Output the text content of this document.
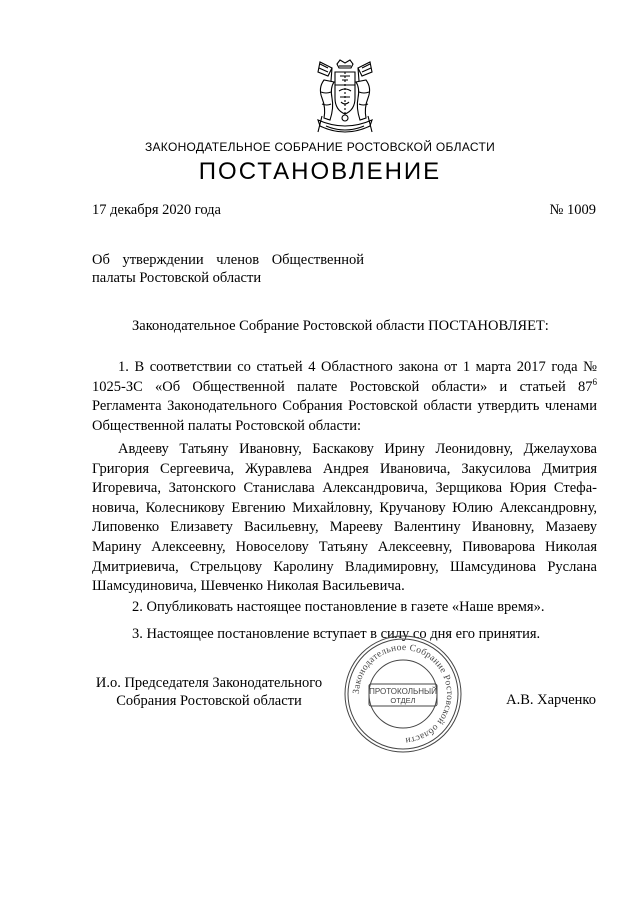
ЗАКОНОДАТЕЛЬНОЕ СОБРАНИЕ РОСТОВСКОЙ ОБЛАСТИ
ПОСТАНОВЛЕНИЕ
17 декабря 2020 года	№ 1009
Об утверждении членов Общественной палаты Ростовской области
Законодательное Собрание Ростовской области ПОСТАНОВЛЯЕТ:
1. В соответствии со статьей 4 Областного закона от 1 марта 2017 года № 1025-ЗС «Об Общественной палате Ростовской области» и статьей $87^6$ Регламента Законодательного Собрания Ростовской области утвердить членами Общественной палаты Ростовской области:
Авдееву Татьяну Ивановну, Баскакову Ирину Леонидовну, Джелаухова Григория Сергеевича, Журавлева Андрея Ивановича, Закусилова Дмитрия Игоревича, Затонского Станислава Александровича, Зерщикова Юрия Стефановича, Колесникову Евгению Михайловну, Кручанову Юлию Александровну, Липовенко Елизавету Васильевну, Марееву Валентину Ивановну, Мазаеву Марину Алексеевну, Новоселову Татьяну Алексеевну, Пивоварова Николая Дмитриевича, Стрельцову Каролину Владимировну, Шамсудинова Руслана Шамсудиновича, Шевченко Николая Васильевича.
2. Опубликовать настоящее постановление в газете «Наше время».
3. Настоящее постановление вступает в силу со дня его принятия.
И.о. Председателя Законодательного
Собрания Ростовской области
Законодательное Собрание Ростовской области
ПРОТОКОЛЬНЫЙ
ОТДЕЛ	А.В. Харченко
